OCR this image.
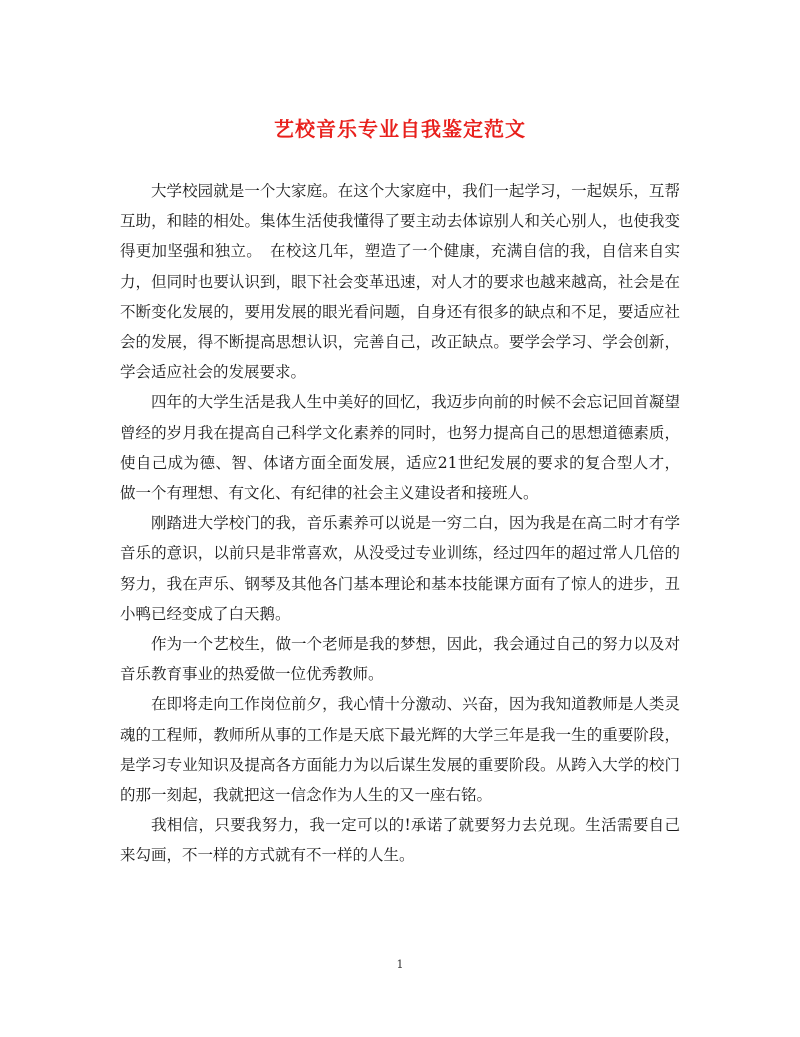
艺校音乐专业自我鉴定范文

大学校园就是一个大家庭。在这个大家庭中，我们一起学习，一起娱乐，互帮互助，和睦的相处。集体生活使我懂得了要主动去体谅别人和关心别人，也使我变得更加坚强和独立。　在校这几年，塑造了一个健康，充满自信的我，自信来自实力，但同时也要认识到，眼下社会变革迅速，对人才的要求也越来越高，社会是在不断变化发展的，要用发展的眼光看问题，自身还有很多的缺点和不足，要适应社会的发展，得不断提高思想认识，完善自己，改正缺点。要学会学习、学会创新，学会适应社会的发展要求。

四年的大学生活是我人生中美好的回忆，我迈步向前的时候不会忘记回首凝望曾经的岁月我在提高自己科学文化素养的同时，也努力提高自己的思想道德素质，使自己成为德、智、体诸方面全面发展，适应21世纪发展的要求的复合型人才，做一个有理想、有文化、有纪律的社会主义建设者和接班人。

刚踏进大学校门的我，音乐素养可以说是一穷二白，因为我是在高二时才有学音乐的意识，以前只是非常喜欢，从没受过专业训练，经过四年的超过常人几倍的努力，我在声乐、钢琴及其他各门基本理论和基本技能课方面有了惊人的进步，丑小鸭已经变成了白天鹅。

作为一个艺校生，做一个老师是我的梦想，因此，我会通过自己的努力以及对音乐教育事业的热爱做一位优秀教师。

在即将走向工作岗位前夕，我心情十分激动、兴奋，因为我知道教师是人类灵魂的工程师，教师所从事的工作是天底下最光辉的大学三年是我一生的重要阶段，是学习专业知识及提高各方面能力为以后谋生发展的重要阶段。从跨入大学的校门的那一刻起，我就把这一信念作为人生的又一座右铭。

我相信，只要我努力，我一定可以的!承诺了就要努力去兑现。生活需要自己来勾画，不一样的方式就有不一样的人生。

1
